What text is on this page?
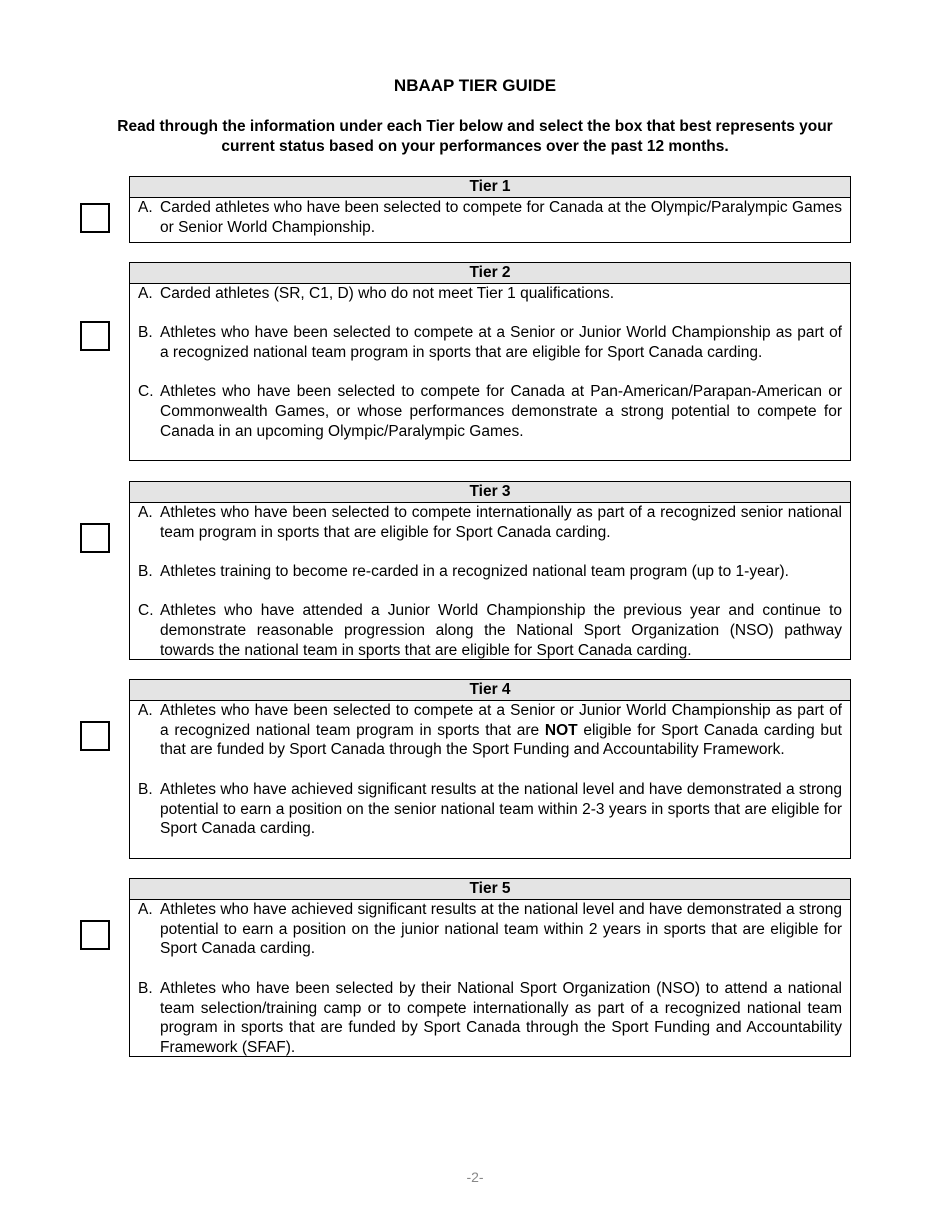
NBAAP TIER GUIDE

Read through the information under each Tier below and select the box that best represents your current status based on your performances over the past 12 months.

Tier 1
A. Carded athletes who have been selected to compete for Canada at the Olympic/Paralympic Games or Senior World Championship.
Tier 2
A. Carded athletes (SR, C1, D) who do not meet Tier 1 qualifications.
B. Athletes who have been selected to compete at a Senior or Junior World Championship as part of a recognized national team program in sports that are eligible for Sport Canada carding.
C. Athletes who have been selected to compete for Canada at Pan-American/Parapan-American or Commonwealth Games, or whose performances demonstrate a strong potential to compete for Canada in an upcoming Olympic/Paralympic Games.
Tier 3
A. Athletes who have been selected to compete internationally as part of a recognized senior national team program in sports that are eligible for Sport Canada carding.
B. Athletes training to become re-carded in a recognized national team program (up to 1-year).
C. Athletes who have attended a Junior World Championship the previous year and continue to demonstrate reasonable progression along the National Sport Organization (NSO) pathway towards the national team in sports that are eligible for Sport Canada carding.
Tier 4
A. Athletes who have been selected to compete at a Senior or Junior World Championship as part of a recognized national team program in sports that are NOT eligible for Sport Canada carding but that are funded by Sport Canada through the Sport Funding and Accountability Framework.
B. Athletes who have achieved significant results at the national level and have demonstrated a strong potential to earn a position on the senior national team within 2-3 years in sports that are eligible for Sport Canada carding.
Tier 5
A. Athletes who have achieved significant results at the national level and have demonstrated a strong potential to earn a position on the junior national team within 2 years in sports that are eligible for Sport Canada carding.
B. Athletes who have been selected by their National Sport Organization (NSO) to attend a national team selection/training camp or to compete internationally as part of a recognized national team program in sports that are funded by Sport Canada through the Sport Funding and Accountability Framework (SFAF).
-2-
